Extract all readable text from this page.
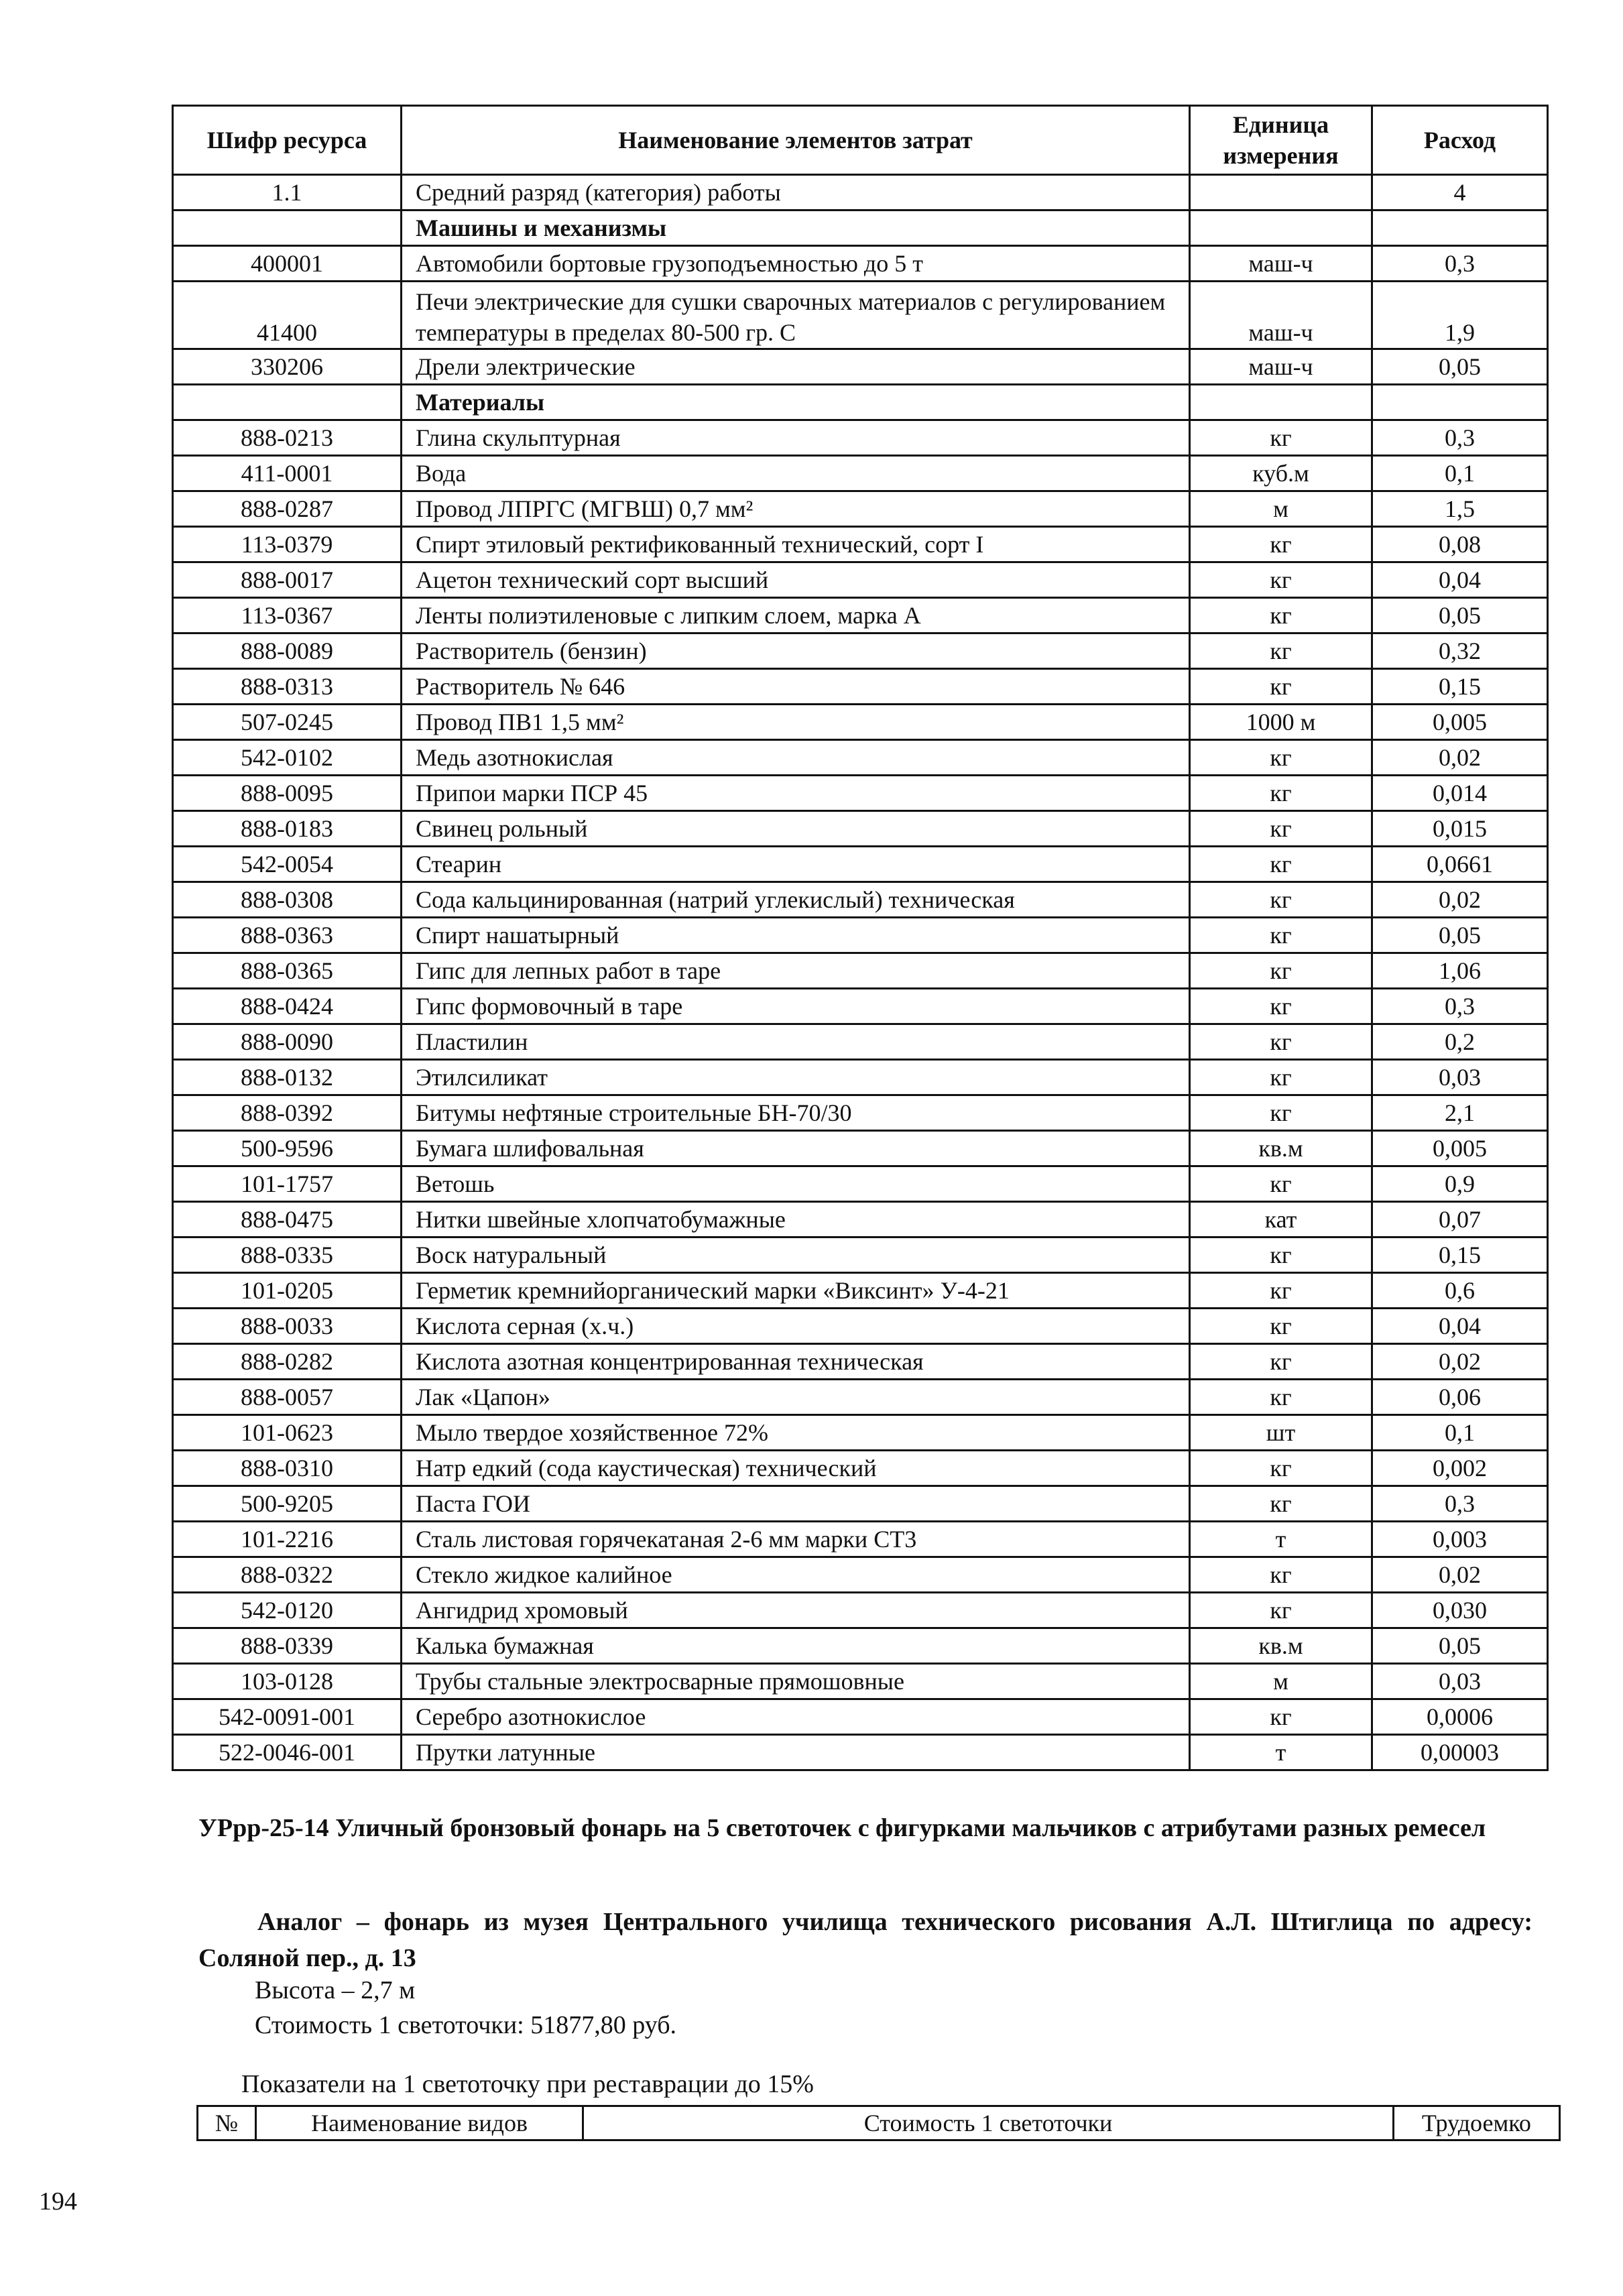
Шифр ресурса	Наименование элементов затрат	Единица измерения	Расход
1.1	Средний разряд (категория) работы		4
	Машины и механизмы		
400001	Автомобили бортовые грузоподъемностью до 5 т	маш-ч	0,3
41400	Печи электрические для сушки сварочных материалов с регулированием температуры в пределах 80-500 гр. С	маш-ч	1,9
330206	Дрели электрические	маш-ч	0,05
	Материалы		
888-0213	Глина скульптурная	кг	0,3
411-0001	Вода	куб.м	0,1
888-0287	Провод ЛПРГС (МГВШ) 0,7 мм²	м	1,5
113-0379	Спирт этиловый ректификованный технический, сорт I	кг	0,08
888-0017	Ацетон технический сорт высший	кг	0,04
113-0367	Ленты полиэтиленовые с липким слоем, марка А	кг	0,05
888-0089	Растворитель (бензин)	кг	0,32
888-0313	Растворитель № 646	кг	0,15
507-0245	Провод ПВ1 1,5 мм²	1000 м	0,005
542-0102	Медь азотнокислая	кг	0,02
888-0095	Припои марки ПСР 45	кг	0,014
888-0183	Свинец рольный	кг	0,015
542-0054	Стеарин	кг	0,0661
888-0308	Сода кальцинированная (натрий углекислый) техническая	кг	0,02
888-0363	Спирт нашатырный	кг	0,05
888-0365	Гипс для лепных работ в таре	кг	1,06
888-0424	Гипс формовочный в таре	кг	0,3
888-0090	Пластилин	кг	0,2
888-0132	Этилсиликат	кг	0,03
888-0392	Битумы нефтяные строительные БН-70/30	кг	2,1
500-9596	Бумага шлифовальная	кв.м	0,005
101-1757	Ветошь	кг	0,9
888-0475	Нитки швейные хлопчатобумажные	кат	0,07
888-0335	Воск натуральный	кг	0,15
101-0205	Герметик кремнийорганический марки «Виксинт» У-4-21	кг	0,6
888-0033	Кислота серная (х.ч.)	кг	0,04
888-0282	Кислота азотная концентрированная техническая	кг	0,02
888-0057	Лак «Цапон»	кг	0,06
101-0623	Мыло твердое хозяйственное 72%	шт	0,1
888-0310	Натр едкий (сода каустическая) технический	кг	0,002
500-9205	Паста ГОИ	кг	0,3
101-2216	Сталь листовая горячекатаная 2-6 мм марки СТ3	т	0,003
888-0322	Стекло жидкое калийное	кг	0,02
542-0120	Ангидрид хромовый	кг	0,030
888-0339	Калька бумажная	кв.м	0,05
103-0128	Трубы стальные электросварные прямошовные	м	0,03
542-0091-001	Серебро азотнокислое	кг	0,0006
522-0046-001	Прутки латунные	т	0,00003
УРрр-25-14 Уличный бронзовый фонарь на 5 светоточек с фигурками мальчиков с атрибутами разных ремесел
Аналог – фонарь из музея Центрального училища технического рисования А.Л. Штиглица по адресу: Соляной пер., д. 13
Высота – 2,7 м
Стоимость 1 светоточки: 51877,80 руб.
Показатели на 1 светоточку при реставрации до 15%
№	Наименование видов	Стоимость 1 светоточки	Трудоемко
194
